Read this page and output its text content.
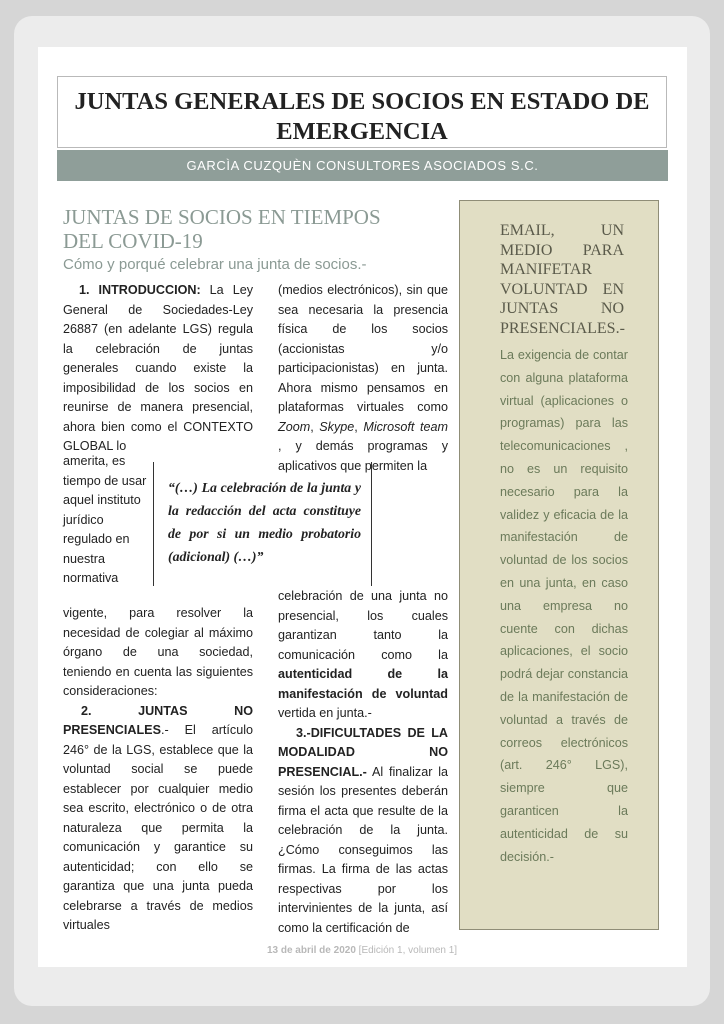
JUNTAS GENERALES DE SOCIOS EN ESTADO DE
EMERGENCIA
GARCÌA CUZQUÈN CONSULTORES ASOCIADOS S.C.
JUNTAS DE SOCIOS EN TIEMPOS DEL COVID-19
Cómo y porqué celebrar una junta de socios.-

1. INTRODUCCION: La Ley General de Sociedades-Ley 26887 (en adelante LGS) regula la celebración de juntas generales cuando existe la imposibilidad de los socios en reunirse de manera presencial, ahora bien como el CONTEXTO GLOBAL lo

amerita, es tiempo de usar aquel instituto jurídico regulado en nuestra normativa

vigente, para resolver la necesidad de colegiar al máximo órgano de una sociedad, teniendo en cuenta las siguientes consideraciones:

2. JUNTAS NO PRESENCIALES.- El artículo 246° de la LGS, establece que la voluntad social se puede establecer por cualquier medio sea escrito, electrónico o de otra naturaleza que permita la comunicación y garantice su autenticidad; con ello se garantiza que una junta pueda celebrarse a través de medios virtuales

(medios electrónicos), sin que sea necesaria la presencia física de los socios (accionistas y/o participacionistas) en junta. Ahora mismo pensamos en plataformas virtuales como Zoom, Skype, Microsoft team , y demás programas y aplicativos que permiten la

celebración de una junta no presencial, los cuales garantizan tanto la comunicación como la autenticidad de la manifestación de voluntad vertida en junta.-

3.-DIFICULTADES DE LA MODALIDAD NO PRESENCIAL.- Al finalizar la sesión los presentes deberán firma el acta que resulte de la celebración de la junta. ¿Cómo conseguimos las firmas. La firma de las actas respectivas por los intervinientes de la junta, así como la certificación de

“(…) La celebración de la junta y la redacción del acta constituye de por si un medio probatorio (adicional) (…)”
EMAIL, UN MEDIO PARA MANIFETAR VOLUNTAD EN JUNTAS NO PRESENCIALES.-
La exigencia de contar con alguna plataforma virtual (aplicaciones o programas) para las telecomunicaciones , no es un requisito necesario para la validez y eficacia de la manifestación de voluntad de los socios en una junta, en caso una empresa no cuente con dichas aplicaciones, el socio podrá dejar constancia de la manifestación de voluntad a través de correos electrónicos (art. 246° LGS), siempre que garanticen la autenticidad de su decisión.-
13 de abril de 2020 [Edición 1, volumen 1]
